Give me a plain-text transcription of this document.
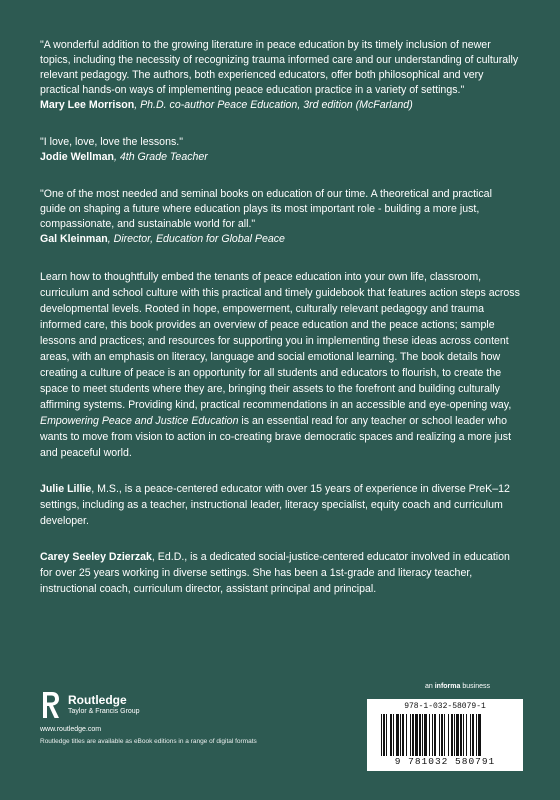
"A wonderful addition to the growing literature in peace education by its timely inclusion of newer topics, including the necessity of recognizing trauma informed care and our understanding of culturally relevant pedagogy. The authors, both experienced educators, offer both philosophical and very practical hands-on ways of implementing peace education practice in a variety of settings."

Mary Lee Morrison, Ph.D. co-author Peace Education, 3rd edition (McFarland)

"I love, love, love the lessons."

Jodie Wellman, 4th Grade Teacher

"One of the most needed and seminal books on education of our time. A theoretical and practical guide on shaping a future where education plays its most important role - building a more just, compassionate, and sustainable world for all."

Gal Kleinman, Director, Education for Global Peace

Learn how to thoughtfully embed the tenants of peace education into your own life, classroom, curriculum and school culture with this practical and timely guidebook that features action steps across developmental levels. Rooted in hope, empowerment, culturally relevant pedagogy and trauma informed care, this book provides an overview of peace education and the peace actions; sample lessons and practices; and resources for supporting you in implementing these ideas across content areas, with an emphasis on literacy, language and social emotional learning. The book details how creating a culture of peace is an opportunity for all students and educators to flourish, to create the space to meet students where they are, bringing their assets to the forefront and building culturally affirming systems. Providing kind, practical recommendations in an accessible and eye-opening way, Empowering Peace and Justice Education is an essential read for any teacher or school leader who wants to move from vision to action in co-creating brave democratic spaces and realizing a more just and peaceful world.

Julie Lillie, M.S., is a peace-centered educator with over 15 years of experience in diverse PreK–12 settings, including as a teacher, instructional leader, literacy specialist, equity coach and curriculum developer.

Carey Seeley Dzierzak, Ed.D., is a dedicated social-justice-centered educator involved in education for over 25 years working in diverse settings. She has been a 1st-grade and literacy teacher, instructional coach, curriculum director, assistant principal and principal.

Routledge
Taylor & Francis Group
www.routledge.com
Routledge titles are available as eBook editions in a range of digital formats
an informa business
978-1-032-58079-1
9 781032 580791
